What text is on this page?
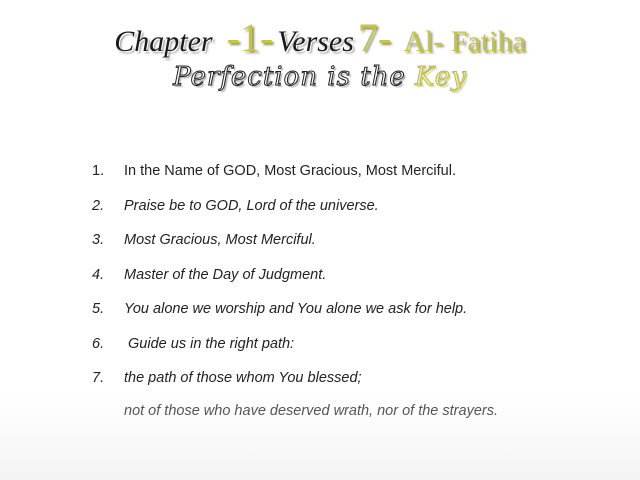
Chapter -1- Verses 7- Al- Fatiha
Perfection is the Key
1. In the Name of GOD, Most Gracious, Most Merciful.
2. Praise be to GOD, Lord of the universe.
3. Most Gracious, Most Merciful.
4. Master of the Day of Judgment.
5. You alone we worship and You alone we ask for help.
6. Guide us in the right path:
7. the path of those whom You blessed;
not of those who have deserved wrath, nor of the strayers.
